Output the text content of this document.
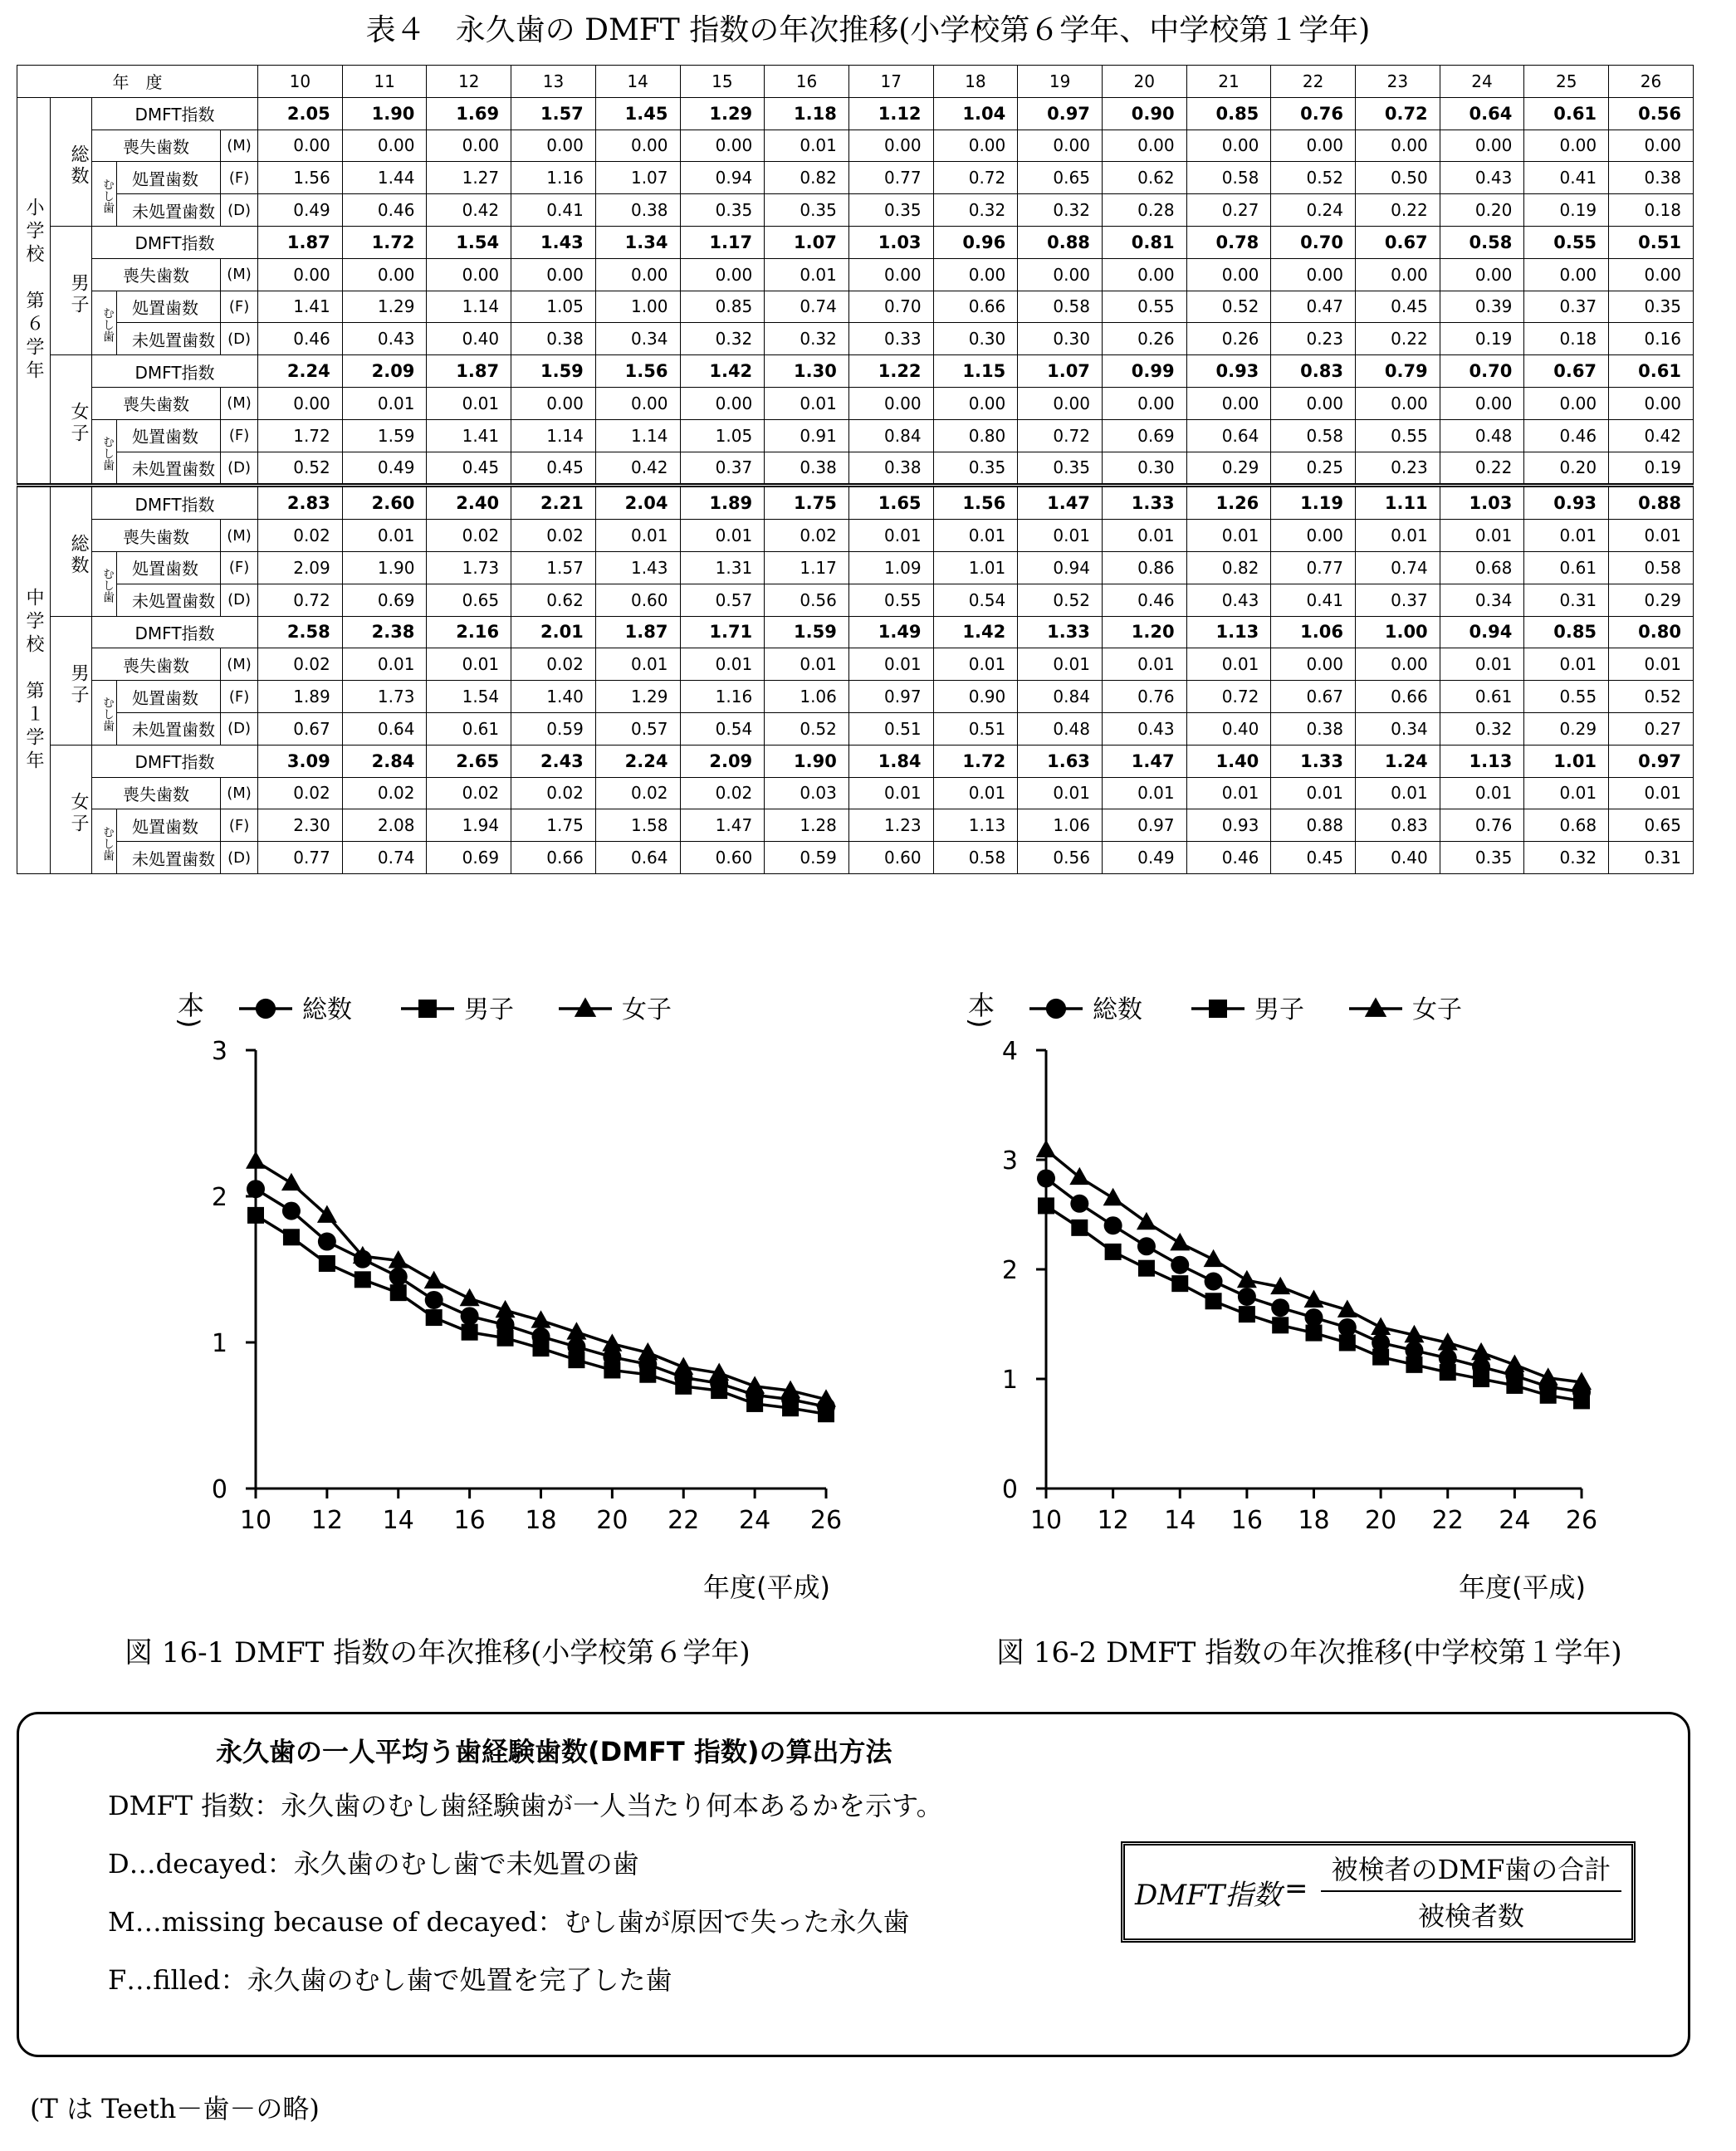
表４　永久歯の DMFT 指数の年次推移(小学校第６学年、中学校第１学年)
年　度					10	11	12	13	14	15	16	17	18	19	20	21	22	23	24	25	26
小学校　第６学年	総数	DMFT指数			2.05	1.90	1.69	1.57	1.45	1.29	1.18	1.12	1.04	0.97	0.90	0.85	0.76	0.72	0.64	0.61	0.56
		喪失歯数		(M)	0.00	0.00	0.00	0.00	0.00	0.00	0.01	0.00	0.00	0.00	0.00	0.00	0.00	0.00	0.00	0.00	0.00
		むし歯	処置歯数	(F)	1.56	1.44	1.27	1.16	1.07	0.94	0.82	0.77	0.72	0.65	0.62	0.58	0.52	0.50	0.43	0.41	0.38
			未処置歯数	(D)	0.49	0.46	0.42	0.41	0.38	0.35	0.35	0.35	0.32	0.32	0.28	0.27	0.24	0.22	0.20	0.19	0.18
	男子	DMFT指数			1.87	1.72	1.54	1.43	1.34	1.17	1.07	1.03	0.96	0.88	0.81	0.78	0.70	0.67	0.58	0.55	0.51
		喪失歯数		(M)	0.00	0.00	0.00	0.00	0.00	0.00	0.01	0.00	0.00	0.00	0.00	0.00	0.00	0.00	0.00	0.00	0.00
		むし歯	処置歯数	(F)	1.41	1.29	1.14	1.05	1.00	0.85	0.74	0.70	0.66	0.58	0.55	0.52	0.47	0.45	0.39	0.37	0.35
			未処置歯数	(D)	0.46	0.43	0.40	0.38	0.34	0.32	0.32	0.33	0.30	0.30	0.26	0.26	0.23	0.22	0.19	0.18	0.16
	女子	DMFT指数			2.24	2.09	1.87	1.59	1.56	1.42	1.30	1.22	1.15	1.07	0.99	0.93	0.83	0.79	0.70	0.67	0.61
		喪失歯数		(M)	0.00	0.01	0.01	0.00	0.00	0.00	0.01	0.00	0.00	0.00	0.00	0.00	0.00	0.00	0.00	0.00	0.00
		むし歯	処置歯数	(F)	1.72	1.59	1.41	1.14	1.14	1.05	0.91	0.84	0.80	0.72	0.69	0.64	0.58	0.55	0.48	0.46	0.42
			未処置歯数	(D)	0.52	0.49	0.45	0.45	0.42	0.37	0.38	0.38	0.35	0.35	0.30	0.29	0.25	0.23	0.22	0.20	0.19
中学校　第１学年	総数	DMFT指数			2.83	2.60	2.40	2.21	2.04	1.89	1.75	1.65	1.56	1.47	1.33	1.26	1.19	1.11	1.03	0.93	0.88
		喪失歯数		(M)	0.02	0.01	0.02	0.02	0.01	0.01	0.02	0.01	0.01	0.01	0.01	0.01	0.00	0.01	0.01	0.01	0.01
		むし歯	処置歯数	(F)	2.09	1.90	1.73	1.57	1.43	1.31	1.17	1.09	1.01	0.94	0.86	0.82	0.77	0.74	0.68	0.61	0.58
			未処置歯数	(D)	0.72	0.69	0.65	0.62	0.60	0.57	0.56	0.55	0.54	0.52	0.46	0.43	0.41	0.37	0.34	0.31	0.29
	男子	DMFT指数			2.58	2.38	2.16	2.01	1.87	1.71	1.59	1.49	1.42	1.33	1.20	1.13	1.06	1.00	0.94	0.85	0.80
		喪失歯数		(M)	0.02	0.01	0.01	0.02	0.01	0.01	0.01	0.01	0.01	0.01	0.01	0.01	0.00	0.00	0.01	0.01	0.01
		むし歯	処置歯数	(F)	1.89	1.73	1.54	1.40	1.29	1.16	1.06	0.97	0.90	0.84	0.76	0.72	0.67	0.66	0.61	0.55	0.52
			未処置歯数	(D)	0.67	0.64	0.61	0.59	0.57	0.54	0.52	0.51	0.51	0.48	0.43	0.40	0.38	0.34	0.32	0.29	0.27
	女子	DMFT指数			3.09	2.84	2.65	2.43	2.24	2.09	1.90	1.84	1.72	1.63	1.47	1.40	1.33	1.24	1.13	1.01	0.97
		喪失歯数		(M)	0.02	0.02	0.02	0.02	0.02	0.02	0.03	0.01	0.01	0.01	0.01	0.01	0.01	0.01	0.01	0.01	0.01
		むし歯	処置歯数	(F)	2.30	2.08	1.94	1.75	1.58	1.47	1.28	1.23	1.13	1.06	0.97	0.93	0.88	0.83	0.76	0.68	0.65
			未処置歯数	(D)	0.77	0.74	0.69	0.66	0.64	0.60	0.59	0.60	0.58	0.56	0.49	0.46	0.45	0.40	0.35	0.32	0.31
0
1
2
3
10 12 14 16 18 20 22 24 26
年度(平成)
(本)	総数	男子	女子
0
1
2
3
4
10 12 14 16 18 20 22 24 26
年度(平成)
(本)	総数	男子	女子
図 16-1 DMFT 指数の年次推移(小学校第６学年)	図 16-2 DMFT 指数の年次推移(中学校第１学年)
永久歯の一人平均う歯経験歯数(DMFT 指数)の算出方法
DMFT 指数：永久歯のむし歯経験歯が一人当たり何本あるかを示す。
D…decayed：永久歯のむし歯で未処置の歯
M…missing because of decayed：むし歯が原因で失った永久歯
F…filled：永久歯のむし歯で処置を完了した歯
DMFT指数 =
被検者のDMF歯の合計
被検者数
(T は Teeth－歯－の略)
